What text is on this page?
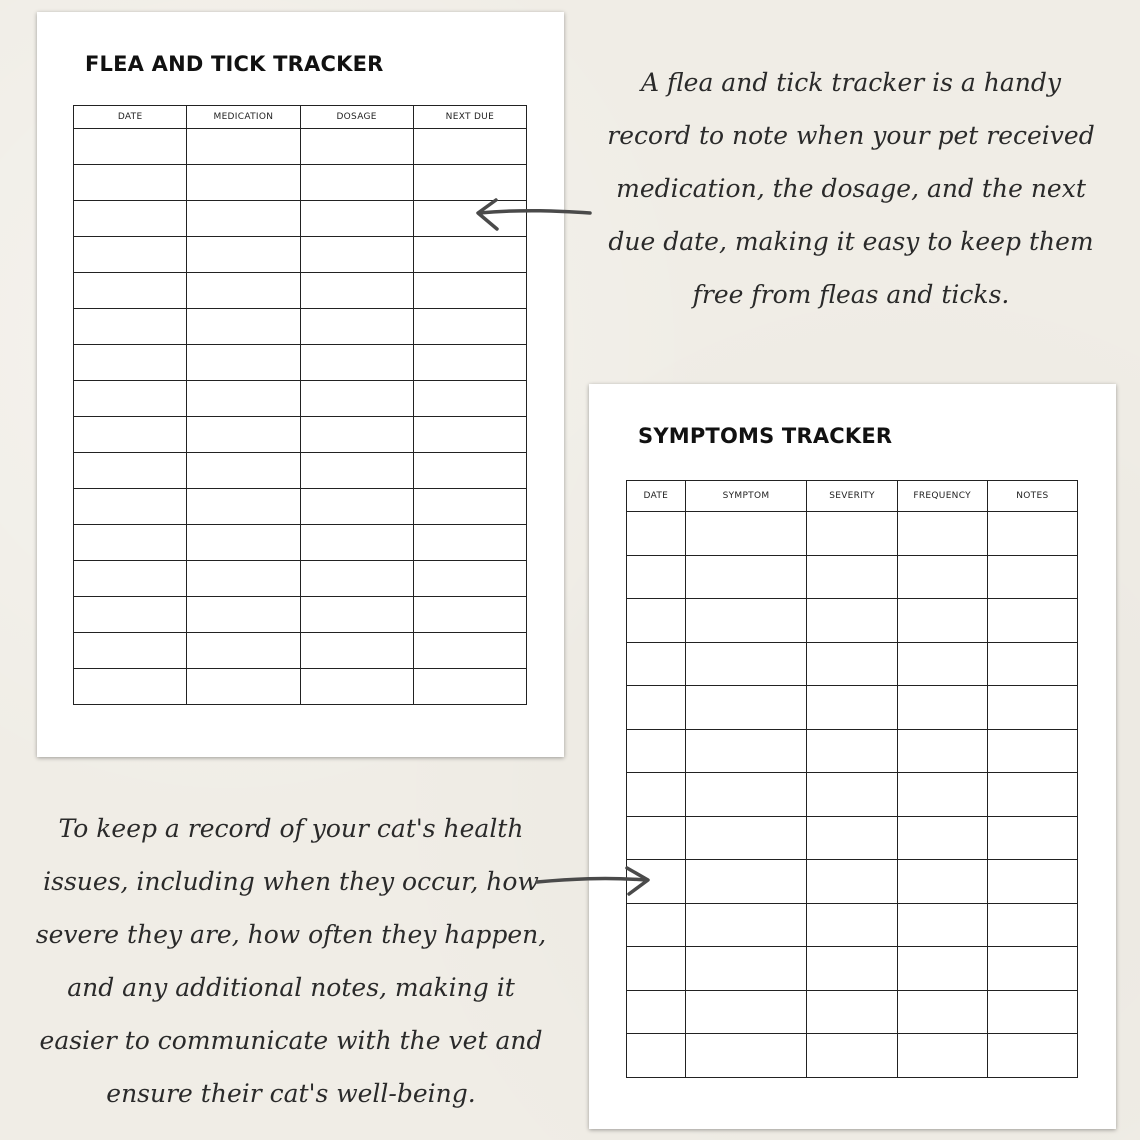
FLEA AND TICK TRACKER
DATE	MEDICATION	DOSAGE	NEXT DUE

SYMPTOMS TRACKER
DATE	SYMPTOM	SEVERITY	FREQUENCY	NOTES

A flea and tick tracker is a handy record to note when your pet received medication, the dosage, and the next due date, making it easy to keep them free from fleas and ticks.

To keep a record of your cat's health issues, including when they occur, how severe they are, how often they happen, and any additional notes, making it easier to communicate with the vet and ensure their cat's well-being.
